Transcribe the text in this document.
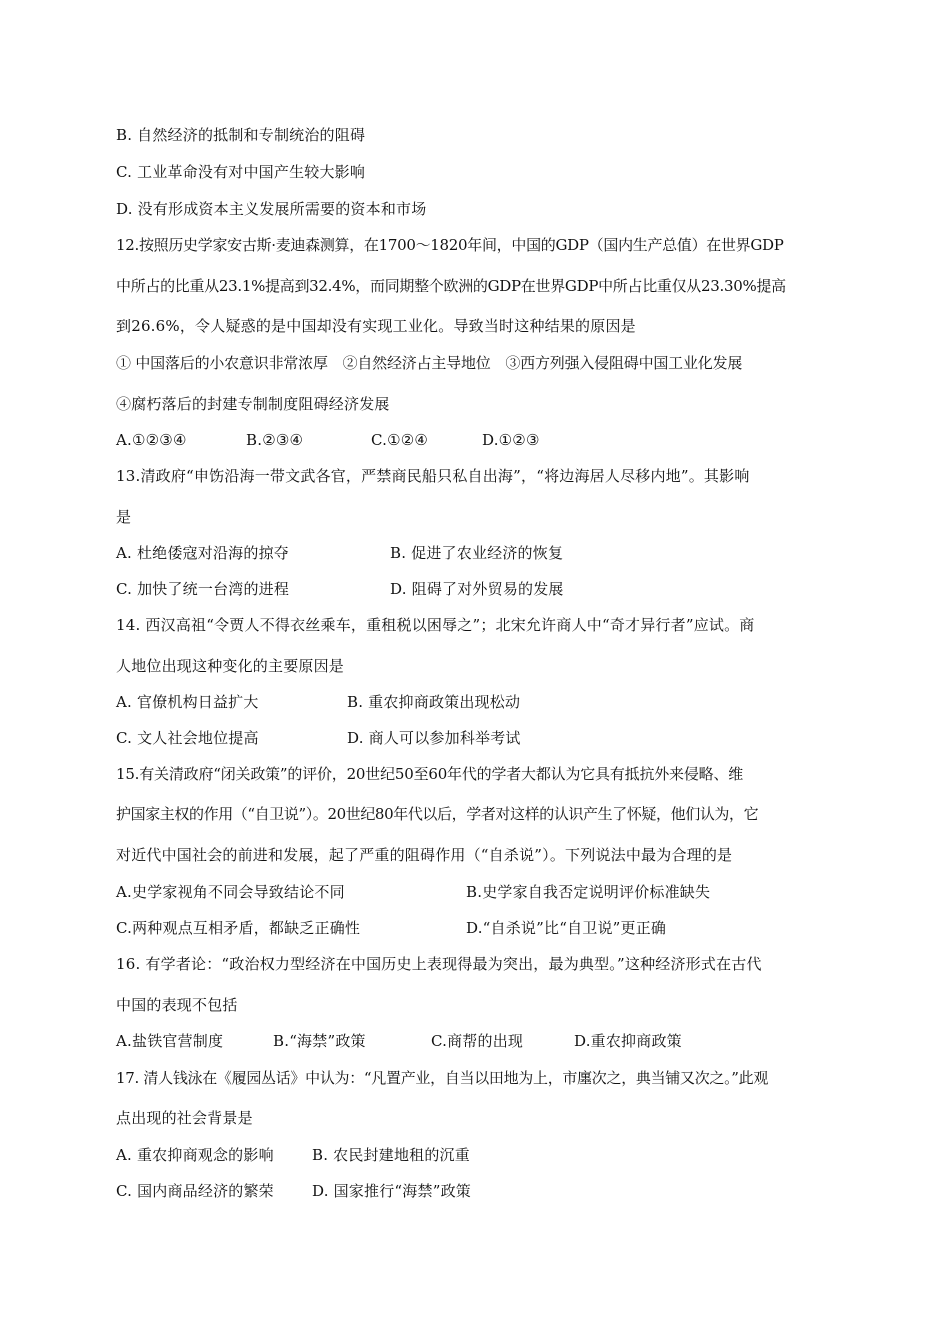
B. 自然经济的抵制和专制统治的阻碍
C. 工业革命没有对中国产生较大影响
D. 没有形成资本主义发展所需要的资本和市场
12.按照历史学家安古斯·麦迪森测算，在1700～1820年间，中国的GDP（国内生产总值）在世界GDP
中所占的比重从23.1%提高到32.4%，而同期整个欧洲的GDP在世界GDP中所占比重仅从23.30%提高
到26.6%，令人疑惑的是中国却没有实现工业化。导致当时这种结果的原因是
① 中国落后的小农意识非常浓厚　②自然经济占主导地位　③西方列强入侵阻碍中国工业化发展
④腐朽落后的封建专制制度阻碍经济发展
A.①②③④	B.②③④	C.①②④	D.①②③
13.清政府“申饬沿海一带文武各官，严禁商民船只私自出海”，“将边海居人尽移内地”。其影响
是
A. 杜绝倭寇对沿海的掠夺	B. 促进了农业经济的恢复
C. 加快了统一台湾的进程	D. 阻碍了对外贸易的发展
14. 西汉高祖“令贾人不得衣丝乘车，重租税以困辱之”；北宋允许商人中“奇才异行者”应试。商
人地位出现这种变化的主要原因是
A. 官僚机构日益扩大	B. 重农抑商政策出现松动
C. 文人社会地位提高	D. 商人可以参加科举考试
15.有关清政府“闭关政策”的评价，20世纪50至60年代的学者大都认为它具有抵抗外来侵略、维
护国家主权的作用（“自卫说”）。20世纪80年代以后，学者对这样的认识产生了怀疑，他们认为，它
对近代中国社会的前进和发展，起了严重的阻碍作用（“自杀说”）。下列说法中最为合理的是
A.史学家视角不同会导致结论不同	B.史学家自我否定说明评价标准缺失
C.两种观点互相矛盾，都缺乏正确性	D.“自杀说”比“自卫说”更正确
16. 有学者论：“政治权力型经济在中国历史上表现得最为突出，最为典型。”这种经济形式在古代
中国的表现不包括
A.盐铁官营制度	B.“海禁”政策	C.商帮的出现	D.重农抑商政策
17. 清人钱泳在《履园丛话》中认为：“凡置产业，自当以田地为上，市廛次之，典当铺又次之。”此观
点出现的社会背景是
A. 重农抑商观念的影响	B. 农民封建地租的沉重
C. 国内商品经济的繁荣	D. 国家推行“海禁”政策
